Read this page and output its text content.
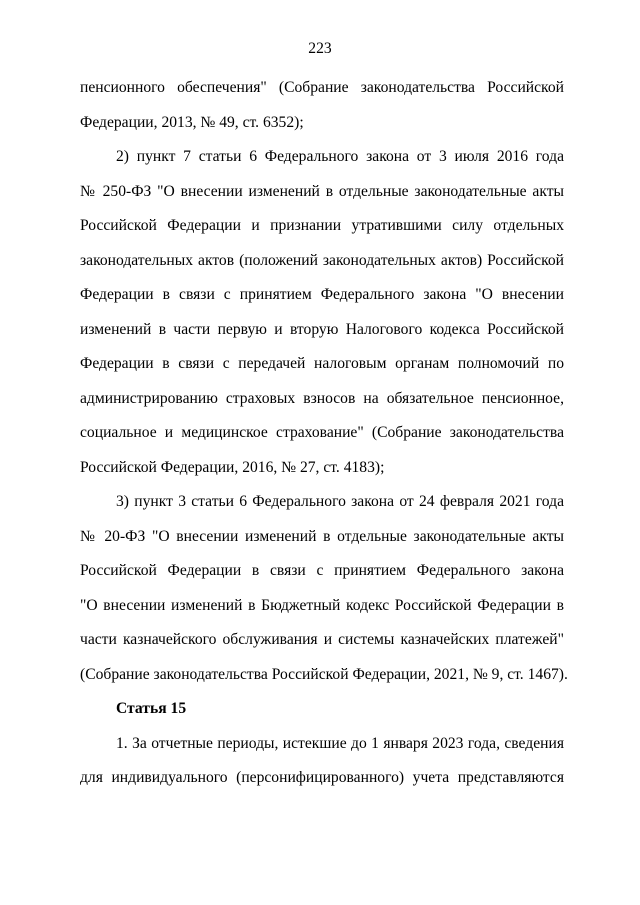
223
пенсионного обеспечения" (Собрание законодательства Российской
Федерации, 2013, № 49, ст. 6352);
2) пункт 7 статьи 6 Федерального закона от 3 июля 2016 года
№ 250-ФЗ "О внесении изменений в отдельные законодательные акты
Российской Федерации и признании утратившими силу отдельных
законодательных актов (положений законодательных актов) Российской
Федерации в связи с принятием Федерального закона "О внесении
изменений в части первую и вторую Налогового кодекса Российской
Федерации в связи с передачей налоговым органам полномочий по
администрированию страховых взносов на обязательное пенсионное,
социальное и медицинское страхование" (Собрание законодательства
Российской Федерации, 2016, № 27, ст. 4183);
3) пункт 3 статьи 6 Федерального закона от 24 февраля 2021 года
№ 20-ФЗ "О внесении изменений в отдельные законодательные акты
Российской Федерации в связи с принятием Федерального закона
"О внесении изменений в Бюджетный кодекс Российской Федерации в
части казначейского обслуживания и системы казначейских платежей"
(Собрание законодательства Российской Федерации, 2021, № 9, ст. 1467).
Статья 15
1. За отчетные периоды, истекшие до 1 января 2023 года, сведения
для индивидуального (персонифицированного) учета представляются
